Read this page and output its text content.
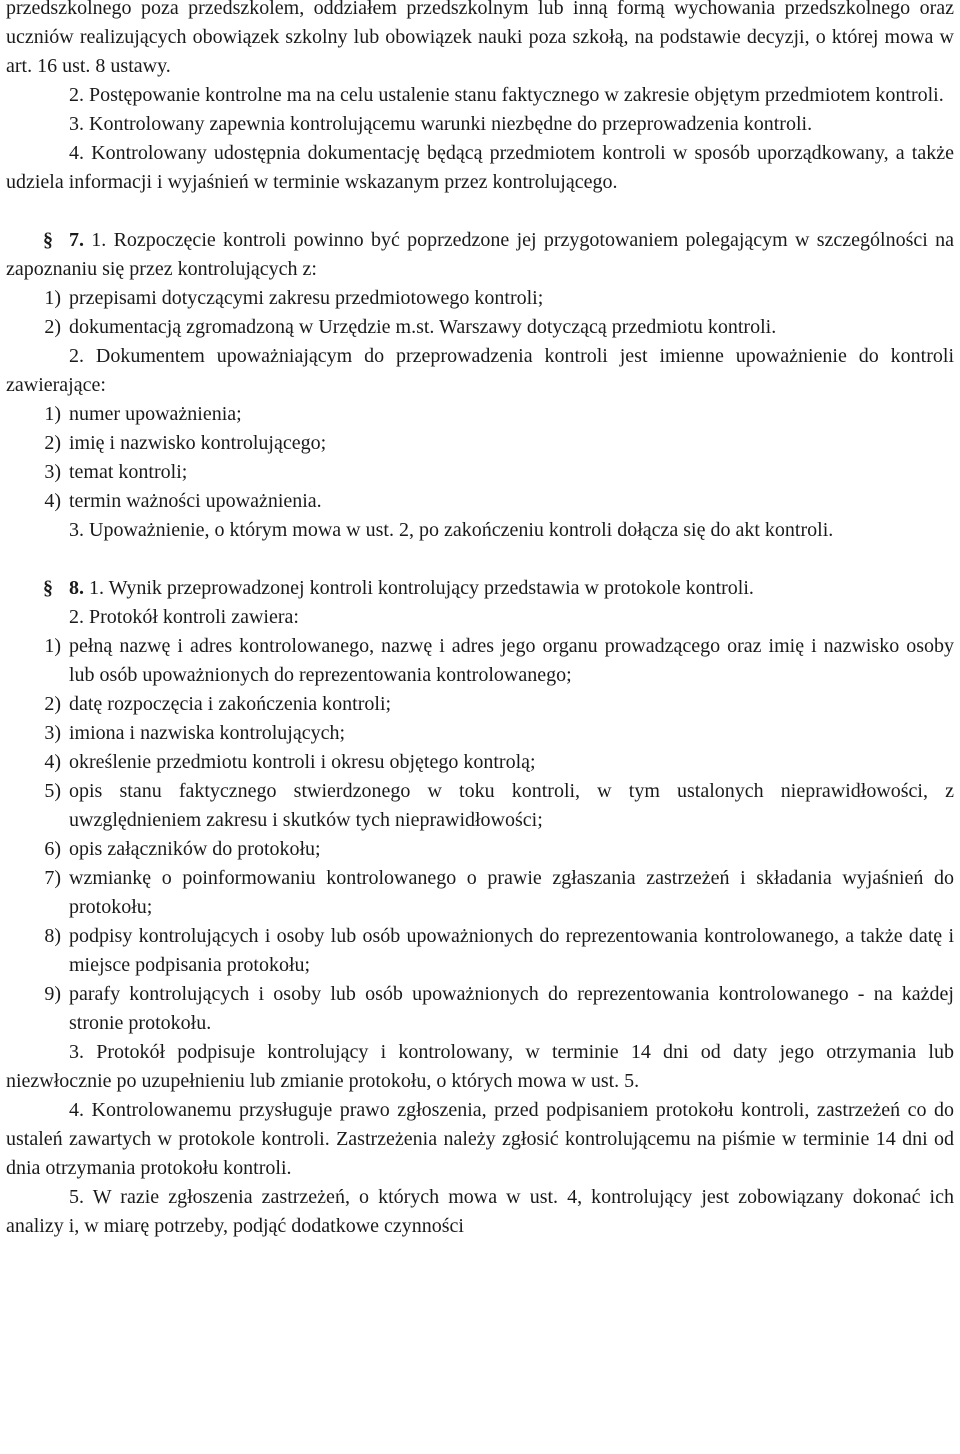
przedszkolnego poza przedszkolem, oddziałem przedszkolnym lub inną formą wychowania przedszkolnego oraz uczniów realizujących obowiązek szkolny lub obowiązek nauki poza szkołą, na podstawie decyzji, o której mowa w art. 16 ust. 8 ustawy.

2. Postępowanie kontrolne ma na celu ustalenie stanu faktycznego w zakresie objętym przedmiotem kontroli.

3. Kontrolowany zapewnia kontrolującemu warunki niezbędne do przeprowadzenia kontroli.

4. Kontrolowany udostępnia dokumentację będącą przedmiotem kontroli w sposób uporządkowany, a także udziela informacji i wyjaśnień w terminie wskazanym przez kontrolującego.

§ 7. 1. Rozpoczęcie kontroli powinno być poprzedzone jej przygotowaniem polegającym w szczególności na zapoznaniu się przez kontrolujących z:

1) przepisami dotyczącymi zakresu przedmiotowego kontroli;
2) dokumentacją zgromadzoną w Urzędzie m.st. Warszawy dotyczącą przedmiotu kontroli.

2. Dokumentem upoważniającym do przeprowadzenia kontroli jest imienne upoważnienie do kontroli zawierające:

1) numer upoważnienia;
2) imię i nazwisko kontrolującego;
3) temat kontroli;
4) termin ważności upoważnienia.

3. Upoważnienie, o którym mowa w ust. 2, po zakończeniu kontroli dołącza się do akt kontroli.

§ 8. 1. Wynik przeprowadzonej kontroli kontrolujący przedstawia w protokole kontroli.

2. Protokół kontroli zawiera:

1) pełną nazwę i adres kontrolowanego, nazwę i adres jego organu prowadzącego oraz imię i nazwisko osoby lub osób upoważnionych do reprezentowania kontrolowanego;
2) datę rozpoczęcia i zakończenia kontroli;
3) imiona i nazwiska kontrolujących;
4) określenie przedmiotu kontroli i okresu objętego kontrolą;
5) opis stanu faktycznego stwierdzonego w toku kontroli, w tym ustalonych nieprawidłowości, z uwzględnieniem zakresu i skutków tych nieprawidłowości;
6) opis załączników do protokołu;
7) wzmiankę o poinformowaniu kontrolowanego o prawie zgłaszania zastrzeżeń i składania wyjaśnień do protokołu;
8) podpisy kontrolujących i osoby lub osób upoważnionych do reprezentowania kontrolowanego, a także datę i miejsce podpisania protokołu;
9) parafy kontrolujących i osoby lub osób upoważnionych do reprezentowania kontrolowanego - na każdej stronie protokołu.

3. Protokół podpisuje kontrolujący i kontrolowany, w terminie 14 dni od daty jego otrzymania lub niezwłocznie po uzupełnieniu lub zmianie protokołu, o których mowa w ust. 5.

4. Kontrolowanemu przysługuje prawo zgłoszenia, przed podpisaniem protokołu kontroli, zastrzeżeń co do ustaleń zawartych w protokole kontroli. Zastrzeżenia należy zgłosić kontrolującemu na piśmie w terminie 14 dni od dnia otrzymania protokołu kontroli.

5. W razie zgłoszenia zastrzeżeń, o których mowa w ust. 4, kontrolujący jest zobowiązany dokonać ich analizy i, w miarę potrzeby, podjąć dodatkowe czynności
